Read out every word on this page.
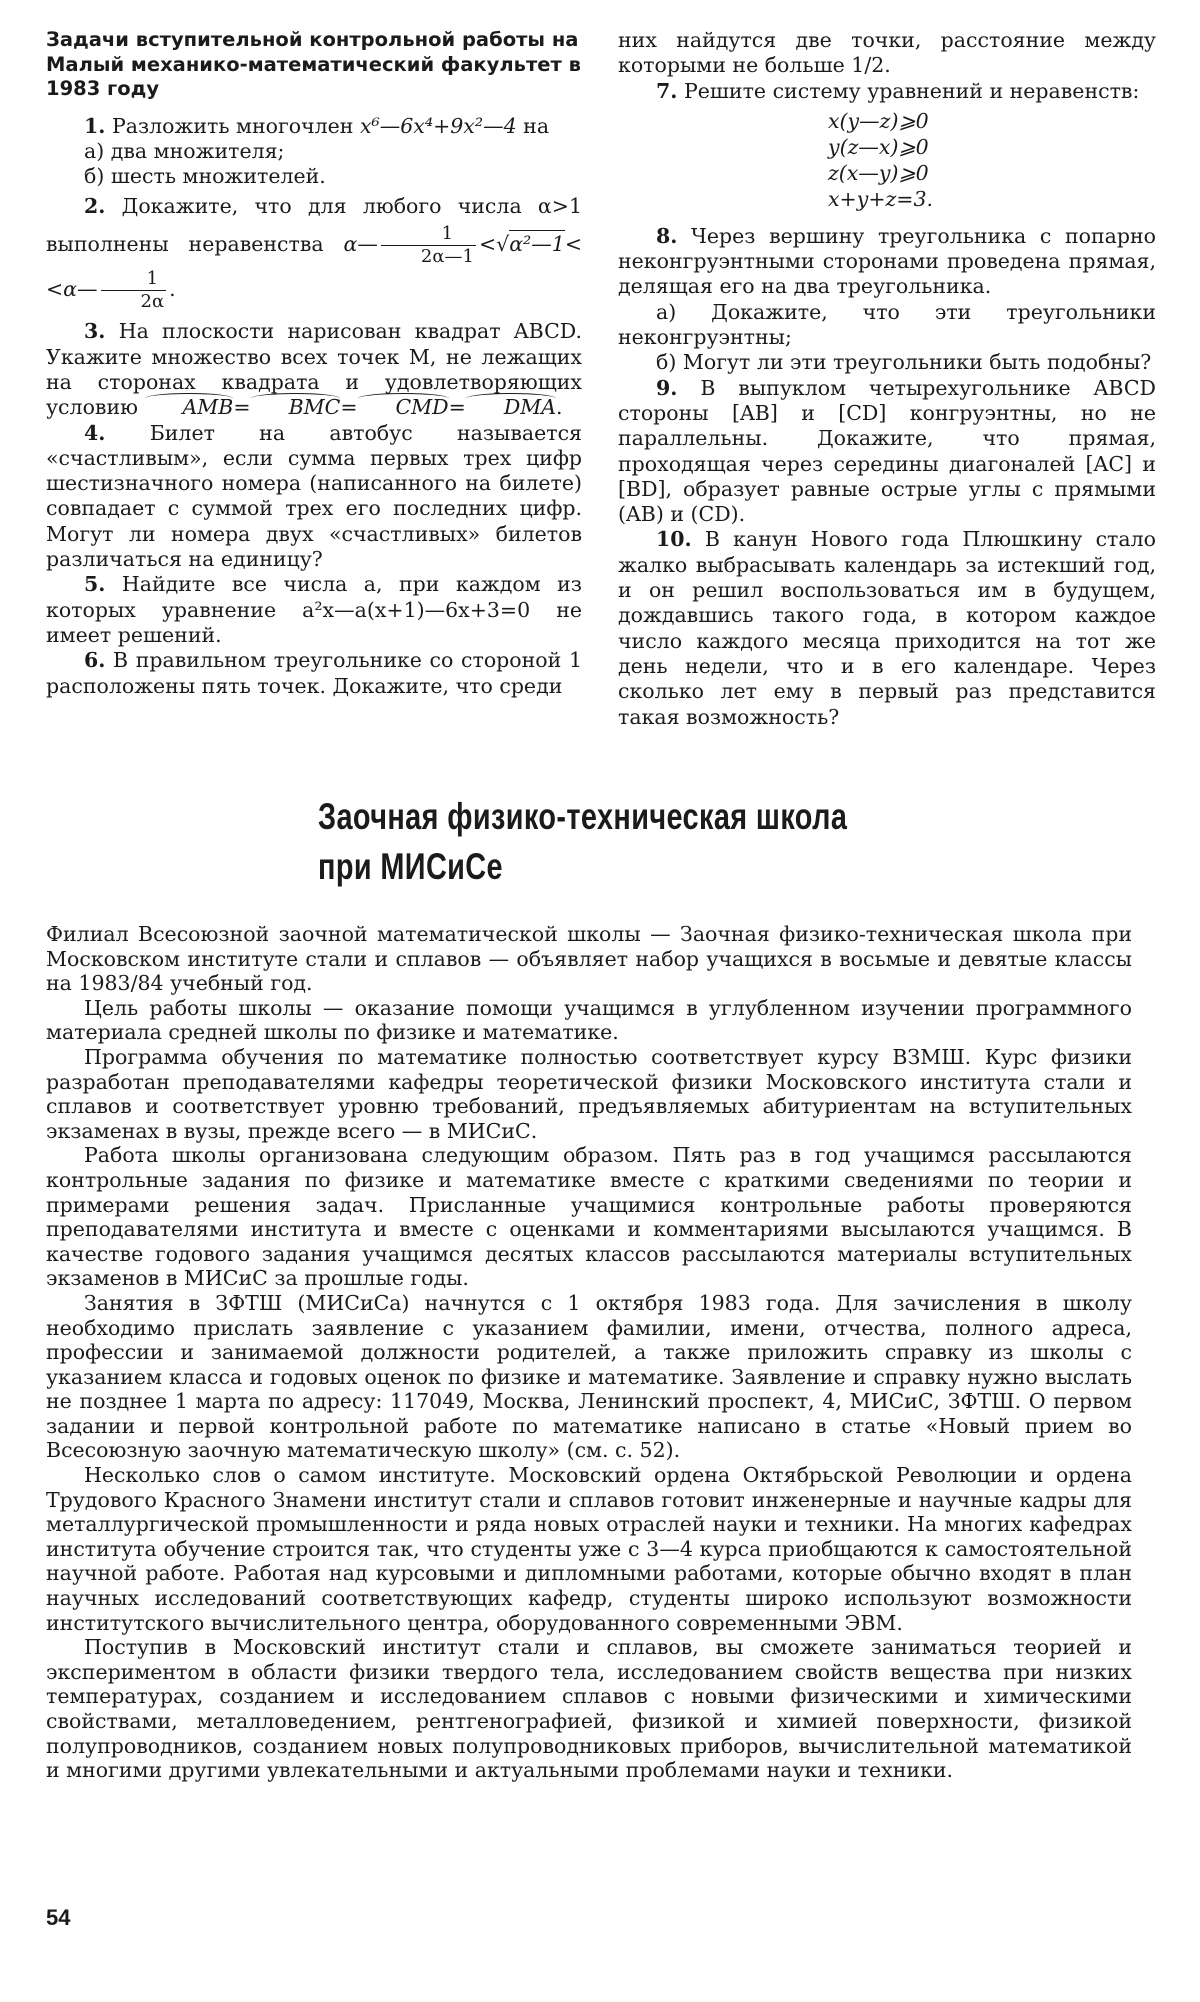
Задачи вступительной контрольной работы на Малый механико-математический факультет в 1983 году

1. Разложить многочлен x⁶—6x⁴+9x²—4 на

а) два множителя;

б) шесть множителей.

2. Докажите, что для любого числа α>1 выполнены неравенства α— $\frac{1}{2\alpha—1}$ <√α²—1< <α— $\frac{1}{2\alpha}$ .

3. На плоскости нарисован квадрат ABCD. Укажите множество всех точек M, не лежащих на сторонах квадрата и удовлетворяющих условию AMB= BMC= CMD= DMA.

4. Билет на автобус называется «счастливым», если сумма первых трех цифр шестизначного номера (написанного на билете) совпадает с суммой трех его последних цифр. Могут ли номера двух «счастливых» билетов различаться на единицу?

5. Найдите все числа a, при каждом из которых уравнение a²x—a(x+1)—6x+3=0 не имеет решений.

6. В правильном треугольнике со стороной 1 расположены пять точек. Докажите, что среди

них найдутся две точки, расстояние между которыми не больше 1/2.

7. Решите систему уравнений и неравенств:

x(y—z)⩾0
y(z—x)⩾0
z(x—y)⩾0
x+y+z=3.

8. Через вершину треугольника с попарно неконгруэнтными сторонами проведена прямая, делящая его на два треугольника.

а) Докажите, что эти треугольники неконгруэнтны;

б) Могут ли эти треугольники быть подобны?

9. В выпуклом четырехугольнике ABCD стороны [AB] и [CD] конгруэнтны, но не параллельны. Докажите, что прямая, проходящая через середины диагоналей [AC] и [BD], образует равные острые углы с прямыми (AB) и (CD).

10. В канун Нового года Плюшкину стало жалко выбрасывать календарь за истекший год, и он решил воспользоваться им в будущем, дождавшись такого года, в котором каждое число каждого месяца приходится на тот же день недели, что и в его календаре. Через сколько лет ему в первый раз представится такая возможность?

Заочная физико-техническая школа
при МИСиСе

Филиал Всесоюзной заочной математической школы — Заочная физико-техническая школа при Московском институте стали и сплавов — объявляет набор учащихся в восьмые и девятые классы на 1983/84 учебный год.

Цель работы школы — оказание помощи учащимся в углубленном изучении программного материала средней школы по физике и математике.

Программа обучения по математике полностью соответствует курсу ВЗМШ. Курс физики разработан преподавателями кафедры теоретической физики Московского института стали и сплавов и соответствует уровню требований, предъявляемых абитуриентам на вступительных экзаменах в вузы, прежде всего — в МИСиС.

Работа школы организована следующим образом. Пять раз в год учащимся рассылаются контрольные задания по физике и математике вместе с краткими сведениями по теории и примерами решения задач. Присланные учащимися контрольные работы проверяются преподавателями института и вместе с оценками и комментариями высылаются учащимся. В качестве годового задания учащимся десятых классов рассылаются материалы вступительных экзаменов в МИСиС за прошлые годы.

Занятия в ЗФТШ (МИСиСа) начнутся с 1 октября 1983 года. Для зачисления в школу необходимо прислать заявление с указанием фамилии, имени, отчества, полного адреса, профессии и занимаемой должности родителей, а также приложить справку из школы с указанием класса и годовых оценок по физике и математике. Заявление и справку нужно выслать не позднее 1 марта по адресу: 117049, Москва, Ленинский проспект, 4, МИСиС, ЗФТШ. О первом задании и первой контрольной работе по математике написано в статье «Новый прием во Всесоюзную заочную математическую школу» (см. с. 52).

Несколько слов о самом институте. Московский ордена Октябрьской Революции и ордена Трудового Красного Знамени институт стали и сплавов готовит инженерные и научные кадры для металлургической промышленности и ряда новых отраслей науки и техники. На многих кафедрах института обучение строится так, что студенты уже с 3—4 курса приобщаются к самостоятельной научной работе. Работая над курсовыми и дипломными работами, которые обычно входят в план научных исследований соответствующих кафедр, студенты широко используют возможности институтского вычислительного центра, оборудованного современными ЭВМ.

Поступив в Московский институт стали и сплавов, вы сможете заниматься теорией и экспериментом в области физики твердого тела, исследованием свойств вещества при низких температурах, созданием и исследованием сплавов с новыми физическими и химическими свойствами, металловедением, рентгенографией, физикой и химией поверхности, физикой полупроводников, созданием новых полупроводниковых приборов, вычислительной математикой и многими другими увлекательными и актуальными проблемами науки и техники.

54
